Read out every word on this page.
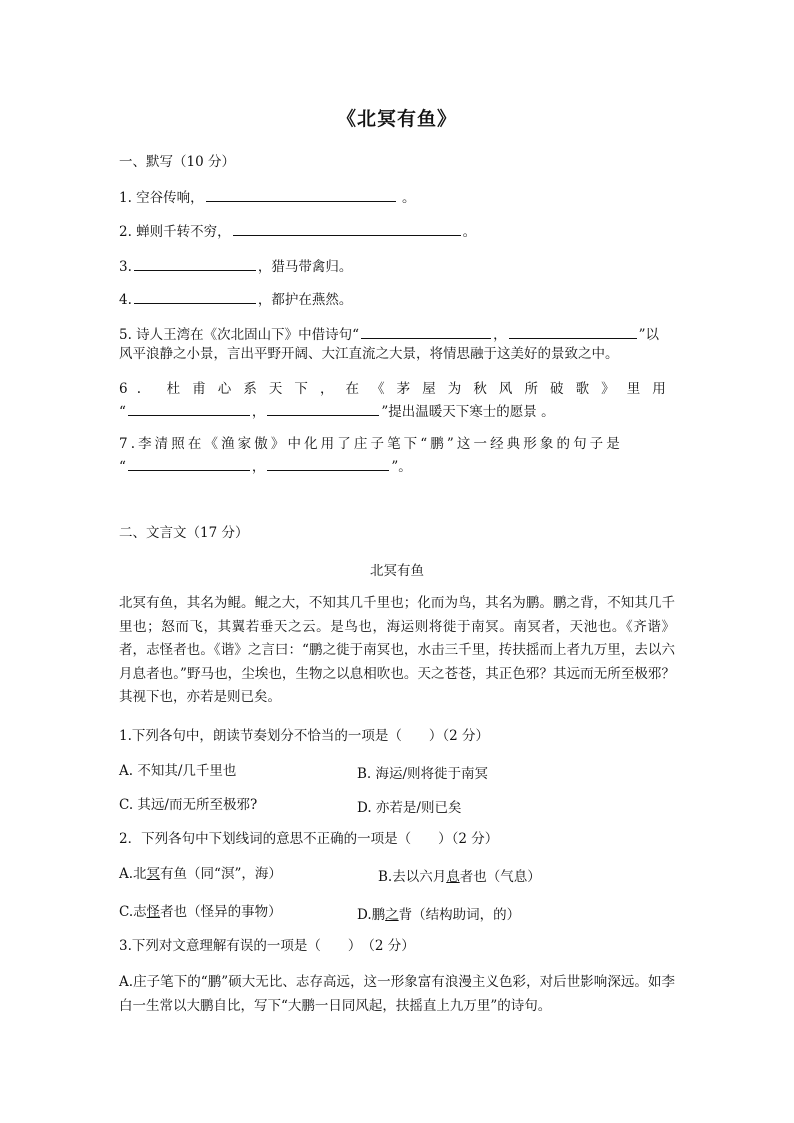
《北冥有鱼》
一、默写（10 分）
1. 空谷传响，	。
2. 蝉则千转不穷，	。
3.	，猎马带禽归。
4.	，都护在燕然。
5. 诗人王湾在《次北固山下》中借诗句“	，	”以
风平浪静之小景，言出平野开阔、大江直流之大景，将情思融于这美好的景致之中。
6. 杜甫心系天下，在《茅屋为秋风所破歌》里用
“	，	”提出温暖天下寒士的愿景 。
7.李清照在《渔家傲》中化用了庄子笔下“鹏”这一经典形象的句子是
“	，	”。
二、文言文（17 分）
北冥有鱼
北冥有鱼，其名为鲲。鲲之大，不知其几千里也；化而为鸟，其名为鹏。鹏之背，不知其几千里也；怒而飞，其翼若垂天之云。是鸟也，海运则将徙于南冥。南冥者，天池也。《齐谐》者，志怪者也。《谐》之言曰：“鹏之徙于南冥也，水击三千里，抟扶摇而上者九万里，去以六月息者也。”野马也，尘埃也，生物之以息相吹也。天之苍苍，其正色邪？其远而无所至极邪？其视下也，亦若是则已矣。
1.下列各句中，朗读节奏划分不恰当的一项是（　　）（2 分）
A. 不知其/几千里也	B. 海运/则将徙于南冥
C. 其远/而无所至极邪?	D. 亦若是/则已矣
2．下列各句中下划线词的意思不正确的一项是（　　）（2 分）
A.北冥有鱼（同“溟”，海）	B.去以六月息者也（气息）
C.志怪者也（怪异的事物）	D.鹏之背（结构助词，的）
3.下列对文意理解有误的一项是（　　）　（2 分）
A.庄子笔下的“鹏”硕大无比、志存高远，这一形象富有浪漫主义色彩，对后世影响深远。如李白一生常以大鹏自比，写下“大鹏一日同风起，扶摇直上九万里”的诗句。
